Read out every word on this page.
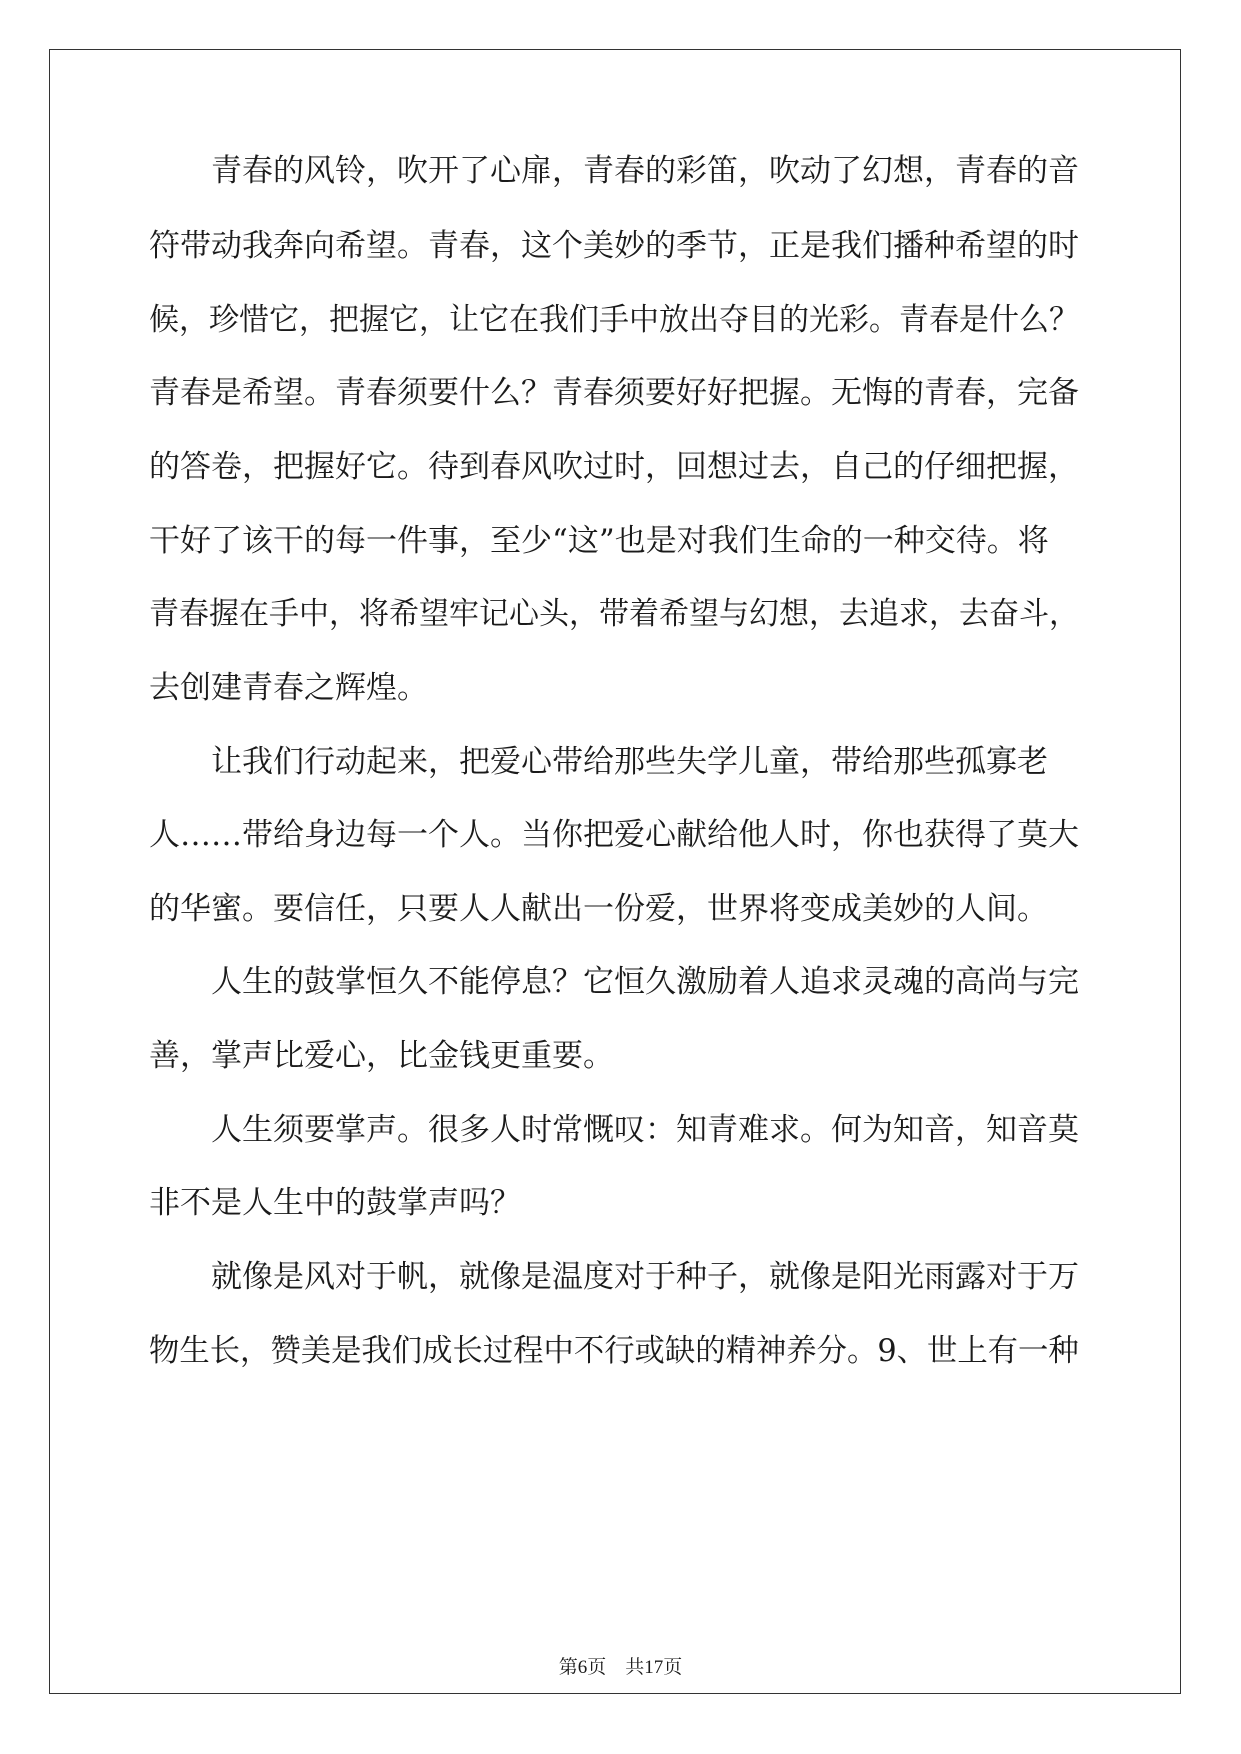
青春的风铃，吹开了心扉，青春的彩笛，吹动了幻想，青春的音
符带动我奔向希望。青春，这个美妙的季节，正是我们播种希望的时
候，珍惜它，把握它，让它在我们手中放出夺目的光彩。青春是什么？
青春是希望。青春须要什么？青春须要好好把握。无悔的青春，完备
的答卷，把握好它。待到春风吹过时，回想过去，自己的仔细把握，
干好了该干的每一件事，至少“这”也是对我们生命的一种交待。将
青春握在手中，将希望牢记心头，带着希望与幻想，去追求，去奋斗，
去创建青春之辉煌。
让我们行动起来，把爱心带给那些失学儿童，带给那些孤寡老
人……带给身边每一个人。当你把爱心献给他人时，你也获得了莫大
的华蜜。要信任，只要人人献出一份爱，世界将变成美妙的人间。
人生的鼓掌恒久不能停息？它恒久激励着人追求灵魂的高尚与完
善，掌声比爱心，比金钱更重要。
人生须要掌声。很多人时常慨叹：知青难求。何为知音，知音莫
非不是人生中的鼓掌声吗？
就像是风对于帆，就像是温度对于种子，就像是阳光雨露对于万
物生长，赞美是我们成长过程中不行或缺的精神养分。9、世上有一种
第6页　共17页
